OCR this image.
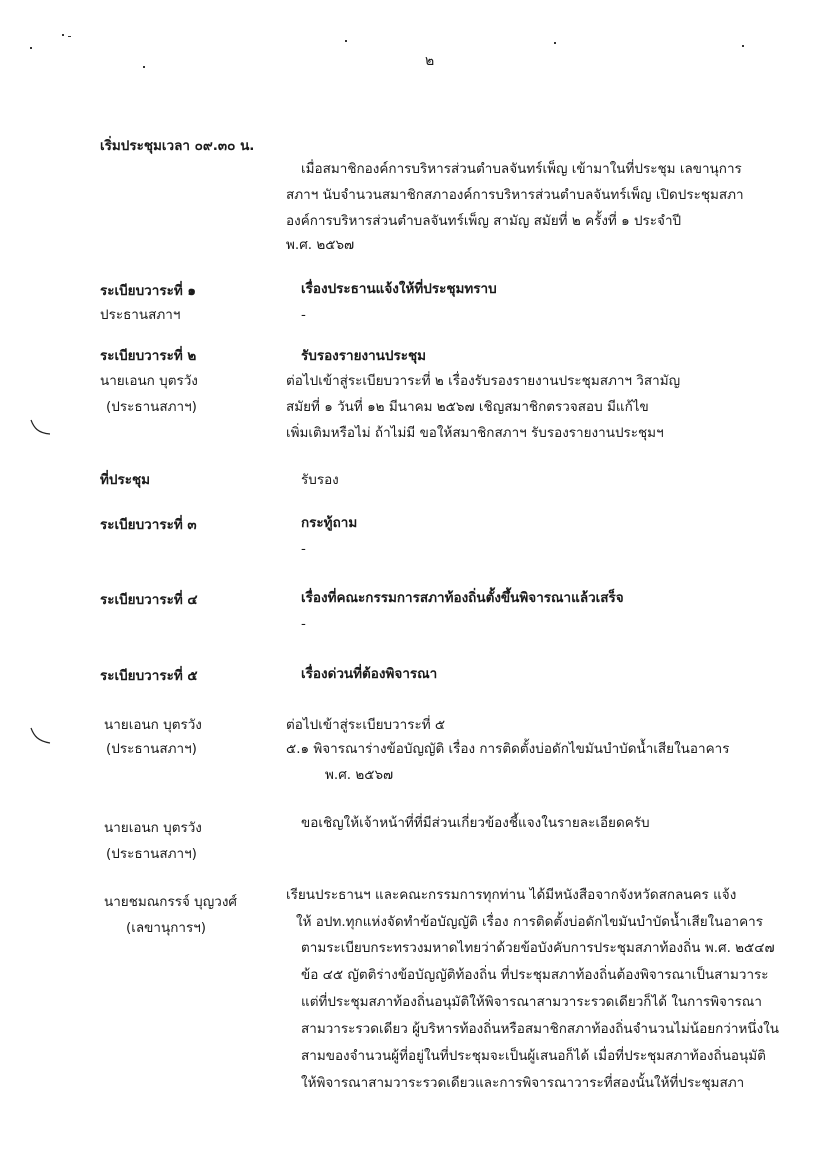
๒
เริ่มประชุมเวลา ๐๙.๓๐ น.
เมื่อสมาชิกองค์การบริหารส่วนตำบลจันทร์เพ็ญ เข้ามาในที่ประชุม เลขานุการ
สภาฯ นับจำนวนสมาชิกสภาองค์การบริหารส่วนตำบลจันทร์เพ็ญ เปิดประชุมสภา
องค์การบริหารส่วนตำบลจันทร์เพ็ญ สามัญ สมัยที่ ๒ ครั้งที่ ๑ ประจำปี
พ.ศ. ๒๕๖๗
ระเบียบวาระที่ ๑	เรื่องประธานแจ้งให้ที่ประชุมทราบ
ประธานสภาฯ	-
ระเบียบวาระที่ ๒	รับรองรายงานประชุม
นายเอนก บุตรวัง
(ประธานสภาฯ)
ต่อไปเข้าสู่ระเบียบวาระที่ ๒ เรื่องรับรองรายงานประชุมสภาฯ วิสามัญ
สมัยที่ ๑ วันที่ ๑๒ มีนาคม ๒๕๖๗ เชิญสมาชิกตรวจสอบ มีแก้ไข
เพิ่มเติมหรือไม่ ถ้าไม่มี ขอให้สมาชิกสภาฯ รับรองรายงานประชุมฯ
ที่ประชุม	รับรอง
ระเบียบวาระที่ ๓	กระทู้ถาม
-
ระเบียบวาระที่ ๔	เรื่องที่คณะกรรมการสภาท้องถิ่นตั้งขึ้นพิจารณาแล้วเสร็จ
-
ระเบียบวาระที่ ๕	เรื่องด่วนที่ต้องพิจารณา
นายเอนก บุตรวัง
(ประธานสภาฯ)
ต่อไปเข้าสู่ระเบียบวาระที่ ๕
๕.๑ พิจารณาร่างข้อบัญญัติ เรื่อง การติดตั้งบ่อดักไขมันบำบัดน้ำเสียในอาคาร
พ.ศ. ๒๕๖๗
นายเอนก บุตรวัง
(ประธานสภาฯ)
ขอเชิญให้เจ้าหน้าที่ที่มีส่วนเกี่ยวข้องชี้แจงในรายละเอียดครับ
นายชมณกรรจ์ บุญวงศ์
(เลขานุการฯ)
เรียนประธานฯ และคณะกรรมการทุกท่าน ได้มีหนังสือจากจังหวัดสกลนคร แจ้ง
ให้ อปท.ทุกแห่งจัดทำข้อบัญญัติ เรื่อง การติดตั้งบ่อดักไขมันบำบัดน้ำเสียในอาคาร
ตามระเบียบกระทรวงมหาดไทยว่าด้วยข้อบังคับการประชุมสภาท้องถิ่น พ.ศ. ๒๕๔๗
ข้อ ๔๕ ญัตติร่างข้อบัญญัติท้องถิ่น ที่ประชุมสภาท้องถิ่นต้องพิจารณาเป็นสามวาระ
แต่ที่ประชุมสภาท้องถิ่นอนุมัติให้พิจารณาสามวาระรวดเดียวก็ได้ ในการพิจารณา
สามวาระรวดเดียว ผู้บริหารท้องถิ่นหรือสมาชิกสภาท้องถิ่นจำนวนไม่น้อยกว่าหนึ่งใน
สามของจำนวนผู้ที่อยู่ในที่ประชุมจะเป็นผู้เสนอก็ได้ เมื่อที่ประชุมสภาท้องถิ่นอนุมัติ
ให้พิจารณาสามวาระรวดเดียวและการพิจารณาวาระที่สองนั้นให้ที่ประชุมสภา
